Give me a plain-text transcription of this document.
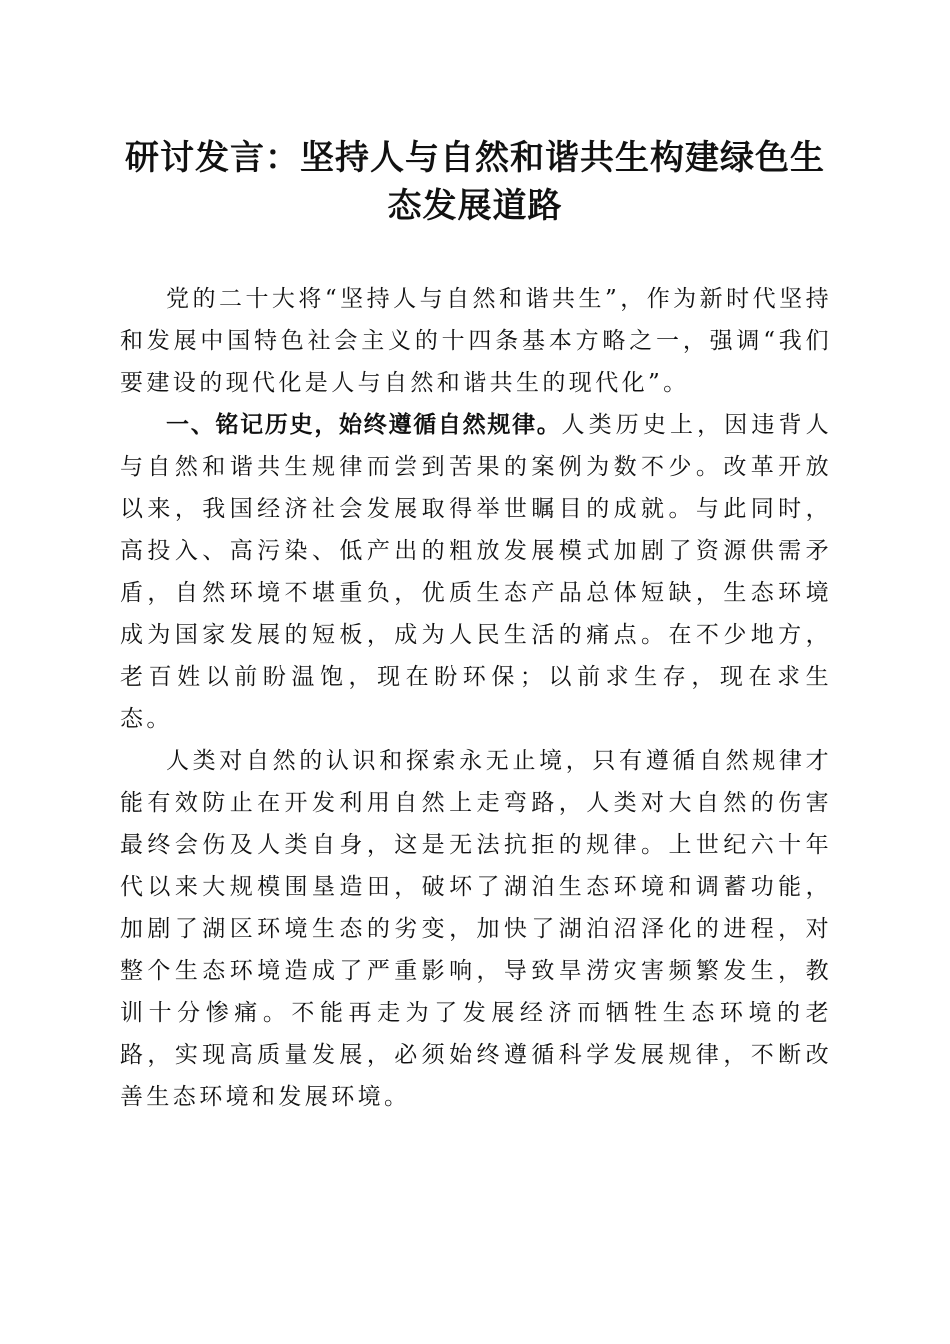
研讨发言：坚持人与自然和谐共生构建绿色生
态发展道路

党的二十大将“坚持人与自然和谐共生”，作为新时代坚持和发展中国特色社会主义的十四条基本方略之一，强调“我们要建设的现代化是人与自然和谐共生的现代化”。

一、铭记历史，始终遵循自然规律。人类历史上，因违背人与自然和谐共生规律而尝到苦果的案例为数不少。改革开放以来，我国经济社会发展取得举世瞩目的成就。与此同时，高投入、高污染、低产出的粗放发展模式加剧了资源供需矛盾，自然环境不堪重负，优质生态产品总体短缺，生态环境成为国家发展的短板，成为人民生活的痛点。在不少地方，老百姓以前盼温饱，现在盼环保；以前求生存，现在求生态。

人类对自然的认识和探索永无止境，只有遵循自然规律才能有效防止在开发利用自然上走弯路，人类对大自然的伤害最终会伤及人类自身，这是无法抗拒的规律。上世纪六十年代以来大规模围垦造田，破坏了湖泊生态环境和调蓄功能，加剧了湖区环境生态的劣变，加快了湖泊沼泽化的进程，对整个生态环境造成了严重影响，导致旱涝灾害频繁发生，教训十分惨痛。不能再走为了发展经济而牺牲生态环境的老路，实现高质量发展，必须始终遵循科学发展规律，不断改善生态环境和发展环境。
